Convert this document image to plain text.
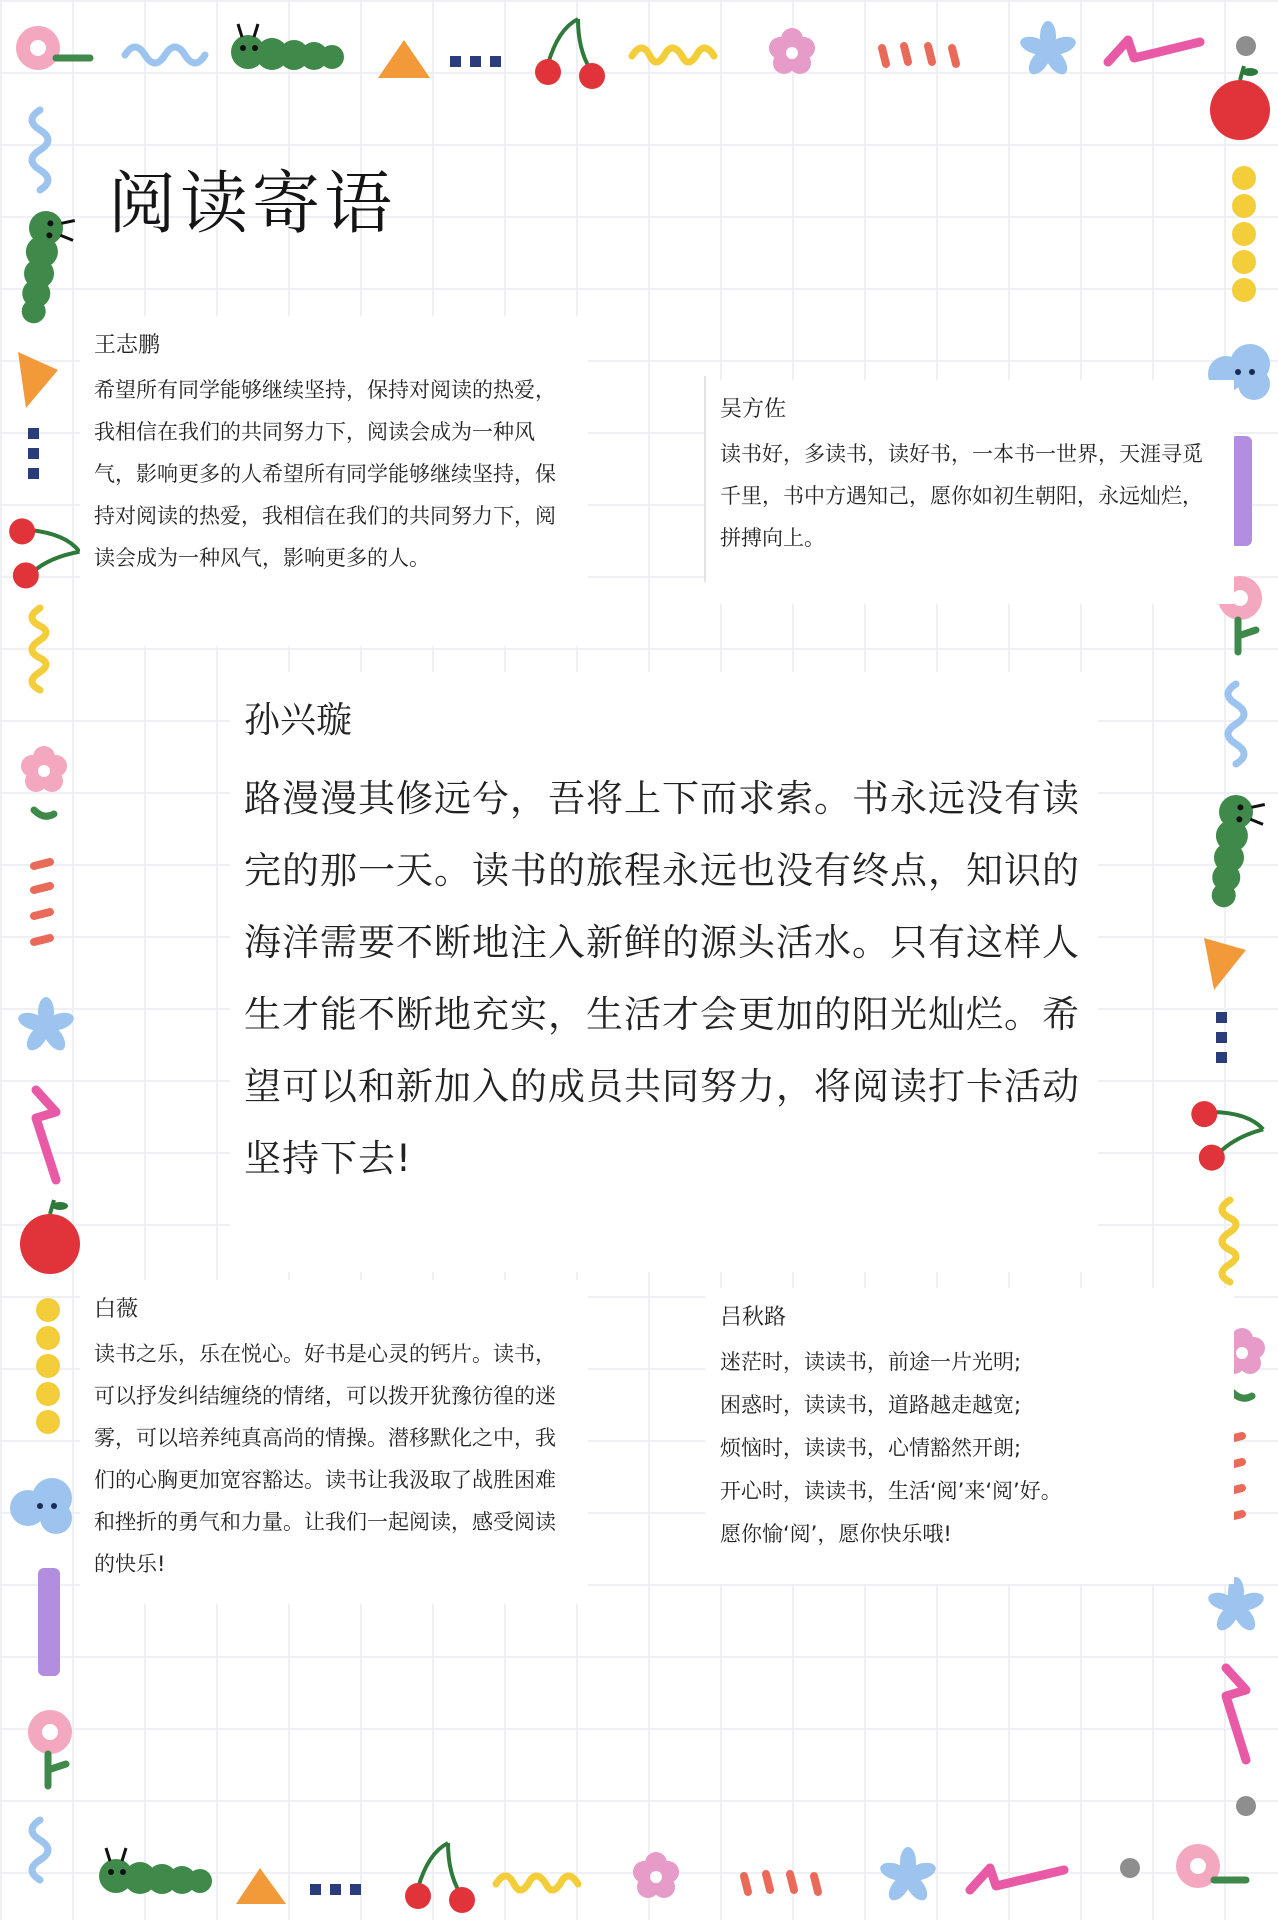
阅读寄语

王志鹏

希望所有同学能够继续坚持，保持对阅读的热爱，我相信在我们的共同努力下，阅读会成为一种风气，影响更多的人希望所有同学能够继续坚持，保持对阅读的热爱，我相信在我们的共同努力下，阅读会成为一种风气，影响更多的人。

吴方佐

读书好，多读书，读好书，一本书一世界，天涯寻觅千里，书中方遇知己，愿你如初生朝阳，永远灿烂，拼搏向上。

孙兴璇

路漫漫其修远兮，吾将上下而求索。书永远没有读完的那一天。读书的旅程永远也没有终点，知识的海洋需要不断地注入新鲜的源头活水。只有这样人生才能不断地充实，生活才会更加的阳光灿烂。希望可以和新加入的成员共同努力，将阅读打卡活动坚持下去!

白薇

读书之乐，乐在悦心。好书是心灵的钙片。读书，可以抒发纠结缠绕的情绪，可以拨开犹豫彷徨的迷雾，可以培养纯真高尚的情操。潜移默化之中，我们的心胸更加宽容豁达。读书让我汲取了战胜困难和挫折的勇气和力量。让我们一起阅读，感受阅读的快乐!

吕秋路

迷茫时，读读书，前途一片光明;

困惑时，读读书，道路越走越宽;

烦恼时，读读书，心情豁然开朗;

开心时，读读书，生活‘阅’来‘阅’好。

愿你愉‘阅’，愿你快乐哦!
